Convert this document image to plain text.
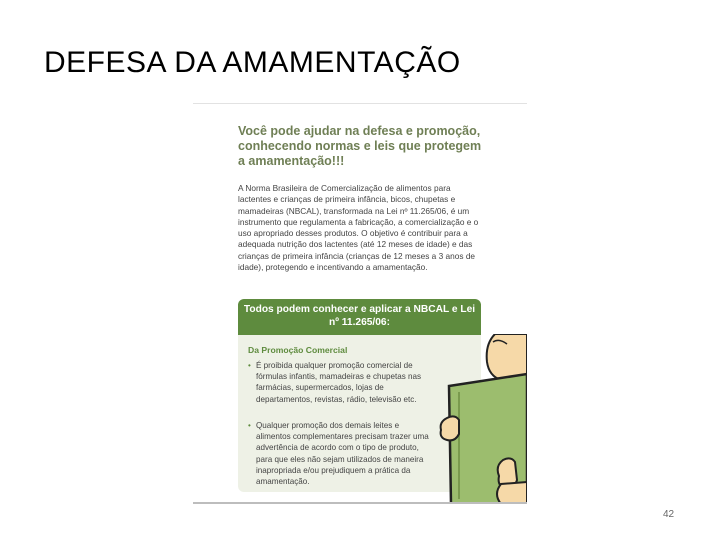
DEFESA DA AMAMENTAÇÃO
Você pode ajudar na defesa e promoção, conhecendo normas e leis que protegem a amamentação!!!
A Norma Brasileira de Comercialização de alimentos para lactentes e crianças de primeira infância, bicos, chupetas e mamadeiras (NBCAL), transformada na Lei nº 11.265/06, é um instrumento que regulamenta a fabricação, a comercialização e o uso apropriado desses produtos. O objetivo é contribuir para a adequada nutrição dos lactentes (até 12 meses de idade) e das crianças de primeira infância (crianças de 12 meses a 3 anos de idade), protegendo e incentivando a amamentação.
Todos podem conhecer e aplicar a NBCAL e Lei nº 11.265/06:
Da Promoção Comercial
• É proibida qualquer promoção comercial de fórmulas infantis, mamadeiras e chupetas nas farmácias, supermercados, lojas de departamentos, revistas, rádio, televisão etc.
• Qualquer promoção dos demais leites e alimentos complementares precisam trazer uma advertência de acordo com o tipo de produto, para que eles não sejam utilizados de maneira inapropriada e/ou prejudiquem a prática da amamentação.
42
